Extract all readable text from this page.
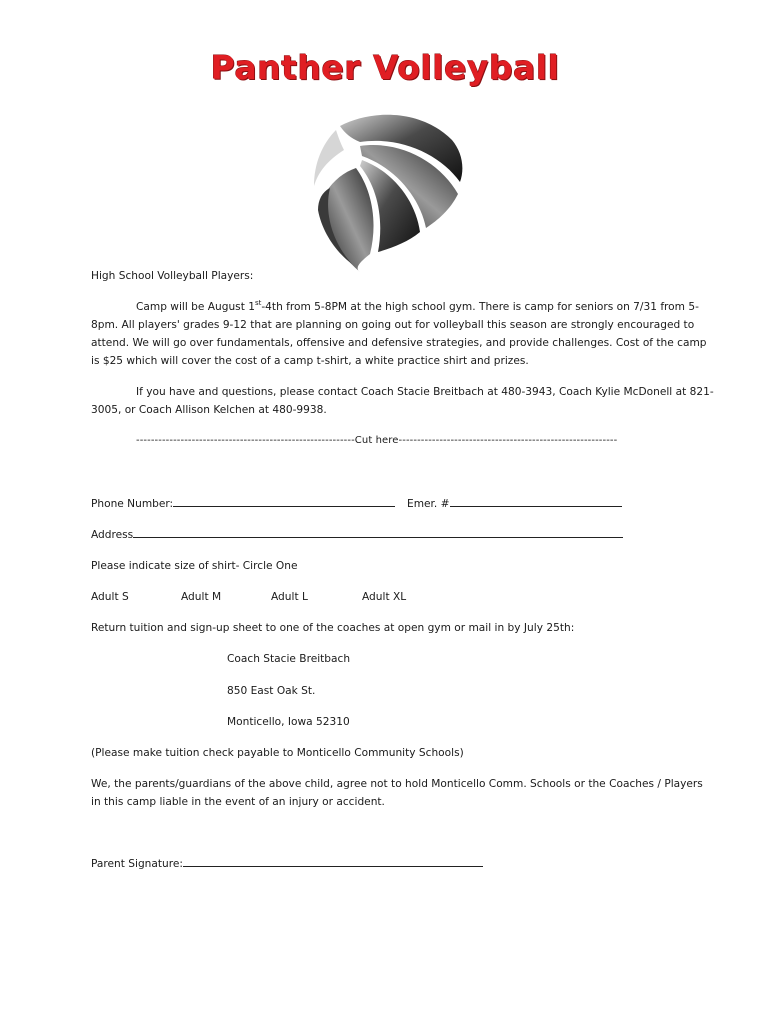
Panther Volleyball
High School Volleyball Players:
Camp will be August 1st-4th from 5-8PM at the high school gym. There is camp for seniors on 7/31 from 5-
8pm. All players' grades 9-12 that are planning on going out for volleyball this season are strongly encouraged to
attend. We will go over fundamentals, offensive and defensive strategies, and provide challenges. Cost of the camp
is $25 which will cover the cost of a camp t-shirt, a white practice shirt and prizes.
If you have and questions, please contact Coach Stacie Breitbach at 480-3943, Coach Kylie McDonell at 821-
3005, or Coach Allison Kelchen at 480-9938.
-----------------------------------------------------------Cut here-----------------------------------------------------------
Phone Number:	Emer. #
Address
Please indicate size of shirt- Circle One
Adult S	Adult M	Adult L	Adult XL
Return tuition and sign-up sheet to one of the coaches at open gym or mail in by July 25th:
Coach Stacie Breitbach
850 East Oak St.
Monticello, Iowa 52310
(Please make tuition check payable to Monticello Community Schools)
We, the parents/guardians of the above child, agree not to hold Monticello Comm. Schools or the Coaches / Players
in this camp liable in the event of an injury or accident.
Parent Signature:
